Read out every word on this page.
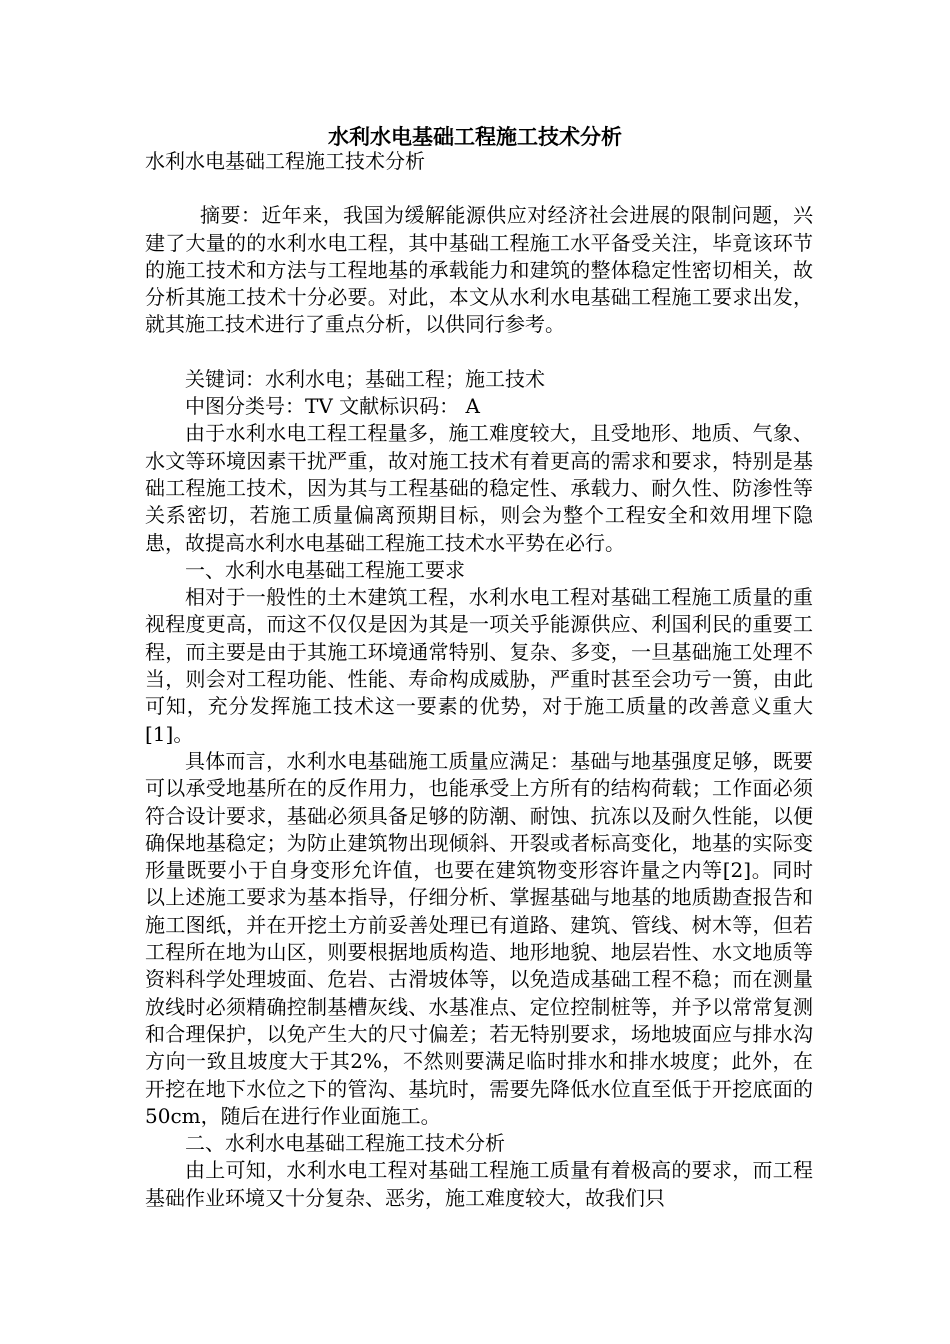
水利水电基础工程施工技术分析

水利水电基础工程施工技术分析

摘要：近年来，我国为缓解能源供应对经济社会进展的限制问题，兴建了大量的的水利水电工程，其中基础工程施工水平备受关注，毕竟该环节的施工技术和方法与工程地基的承载能力和建筑的整体稳定性密切相关，故分析其施工技术十分必要。对此，本文从水利水电基础工程施工要求出发，就其施工技术进行了重点分析，以供同行参考。

关键词：水利水电；基础工程；施工技术

中图分类号：TV 文献标识码： A

由于水利水电工程工程量多，施工难度较大，且受地形、地质、气象、水文等环境因素干扰严重，故对施工技术有着更高的需求和要求，特别是基础工程施工技术，因为其与工程基础的稳定性、承载力、耐久性、防渗性等关系密切，若施工质量偏离预期目标，则会为整个工程安全和效用埋下隐患，故提高水利水电基础工程施工技术水平势在必行。

一、水利水电基础工程施工要求

相对于一般性的土木建筑工程，水利水电工程对基础工程施工质量的重视程度更高，而这不仅仅是因为其是一项关乎能源供应、利国利民的重要工程，而主要是由于其施工环境通常特别、复杂、多变，一旦基础施工处理不当，则会对工程功能、性能、寿命构成威胁，严重时甚至会功亏一篑，由此可知，充分发挥施工技术这一要素的优势，对于施工质量的改善意义重大[1]。

具体而言，水利水电基础施工质量应满足：基础与地基强度足够，既要可以承受地基所在的反作用力，也能承受上方所有的结构荷载；工作面必须符合设计要求，基础必须具备足够的防潮、耐蚀、抗冻以及耐久性能，以便确保地基稳定；为防止建筑物出现倾斜、开裂或者标高变化，地基的实际变形量既要小于自身变形允许值，也要在建筑物变形容许量之内等[2]。同时以上述施工要求为基本指导，仔细分析、掌握基础与地基的地质勘查报告和施工图纸，并在开挖土方前妥善处理已有道路、建筑、管线、树木等，但若工程所在地为山区，则要根据地质构造、地形地貌、地层岩性、水文地质等资料科学处理坡面、危岩、古滑坡体等，以免造成基础工程不稳；而在测量放线时必须精确控制基槽灰线、水基准点、定位控制桩等，并予以常常复测和合理保护，以免产生大的尺寸偏差；若无特别要求，场地坡面应与排水沟方向一致且坡度大于其2%，不然则要满足临时排水和排水坡度；此外，在开挖在地下水位之下的管沟、基坑时，需要先降低水位直至低于开挖底面的50cm，随后在进行作业面施工。

二、水利水电基础工程施工技术分析

由上可知，水利水电工程对基础工程施工质量有着极高的要求，而工程基础作业环境又十分复杂、恶劣，施工难度较大，故我们只
